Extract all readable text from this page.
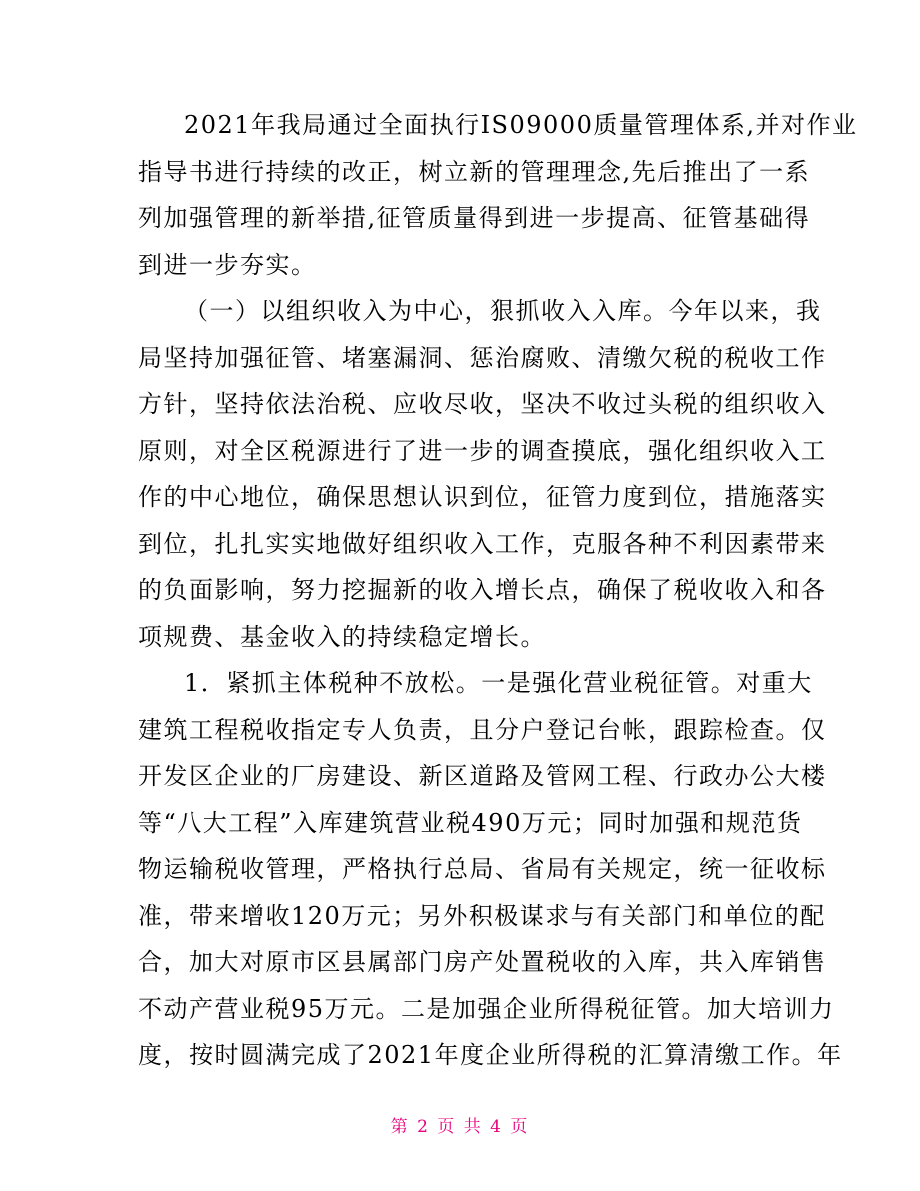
2021年我局通过全面执行IS09000质量管理体系,并对作业
指导书进行持续的改正，树立新的管理理念,先后推出了一系
列加强管理的新举措,征管质量得到进一步提高、征管基础得
到进一步夯实。

（一）以组织收入为中心，狠抓收入入库。今年以来，我
局坚持加强征管、堵塞漏洞、惩治腐败、清缴欠税的税收工作
方针，坚持依法治税、应收尽收，坚决不收过头税的组织收入
原则，对全区税源进行了进一步的调查摸底，强化组织收入工
作的中心地位，确保思想认识到位，征管力度到位，措施落实
到位，扎扎实实地做好组织收入工作，克服各种不利因素带来
的负面影响，努力挖掘新的收入增长点，确保了税收收入和各
项规费、基金收入的持续稳定增长。

1．紧抓主体税种不放松。一是强化营业税征管。对重大
建筑工程税收指定专人负责，且分户登记台帐，跟踪检查。仅
开发区企业的厂房建设、新区道路及管网工程、行政办公大楼
等“八大工程”入库建筑营业税490万元；同时加强和规范货
物运输税收管理，严格执行总局、省局有关规定，统一征收标
准，带来增收120万元；另外积极谋求与有关部门和单位的配
合，加大对原市区县属部门房产处置税收的入库，共入库销售
不动产营业税95万元。二是加强企业所得税征管。加大培训力
度，按时圆满完成了2021年度企业所得税的汇算清缴工作。年

第 2 页 共 4 页
